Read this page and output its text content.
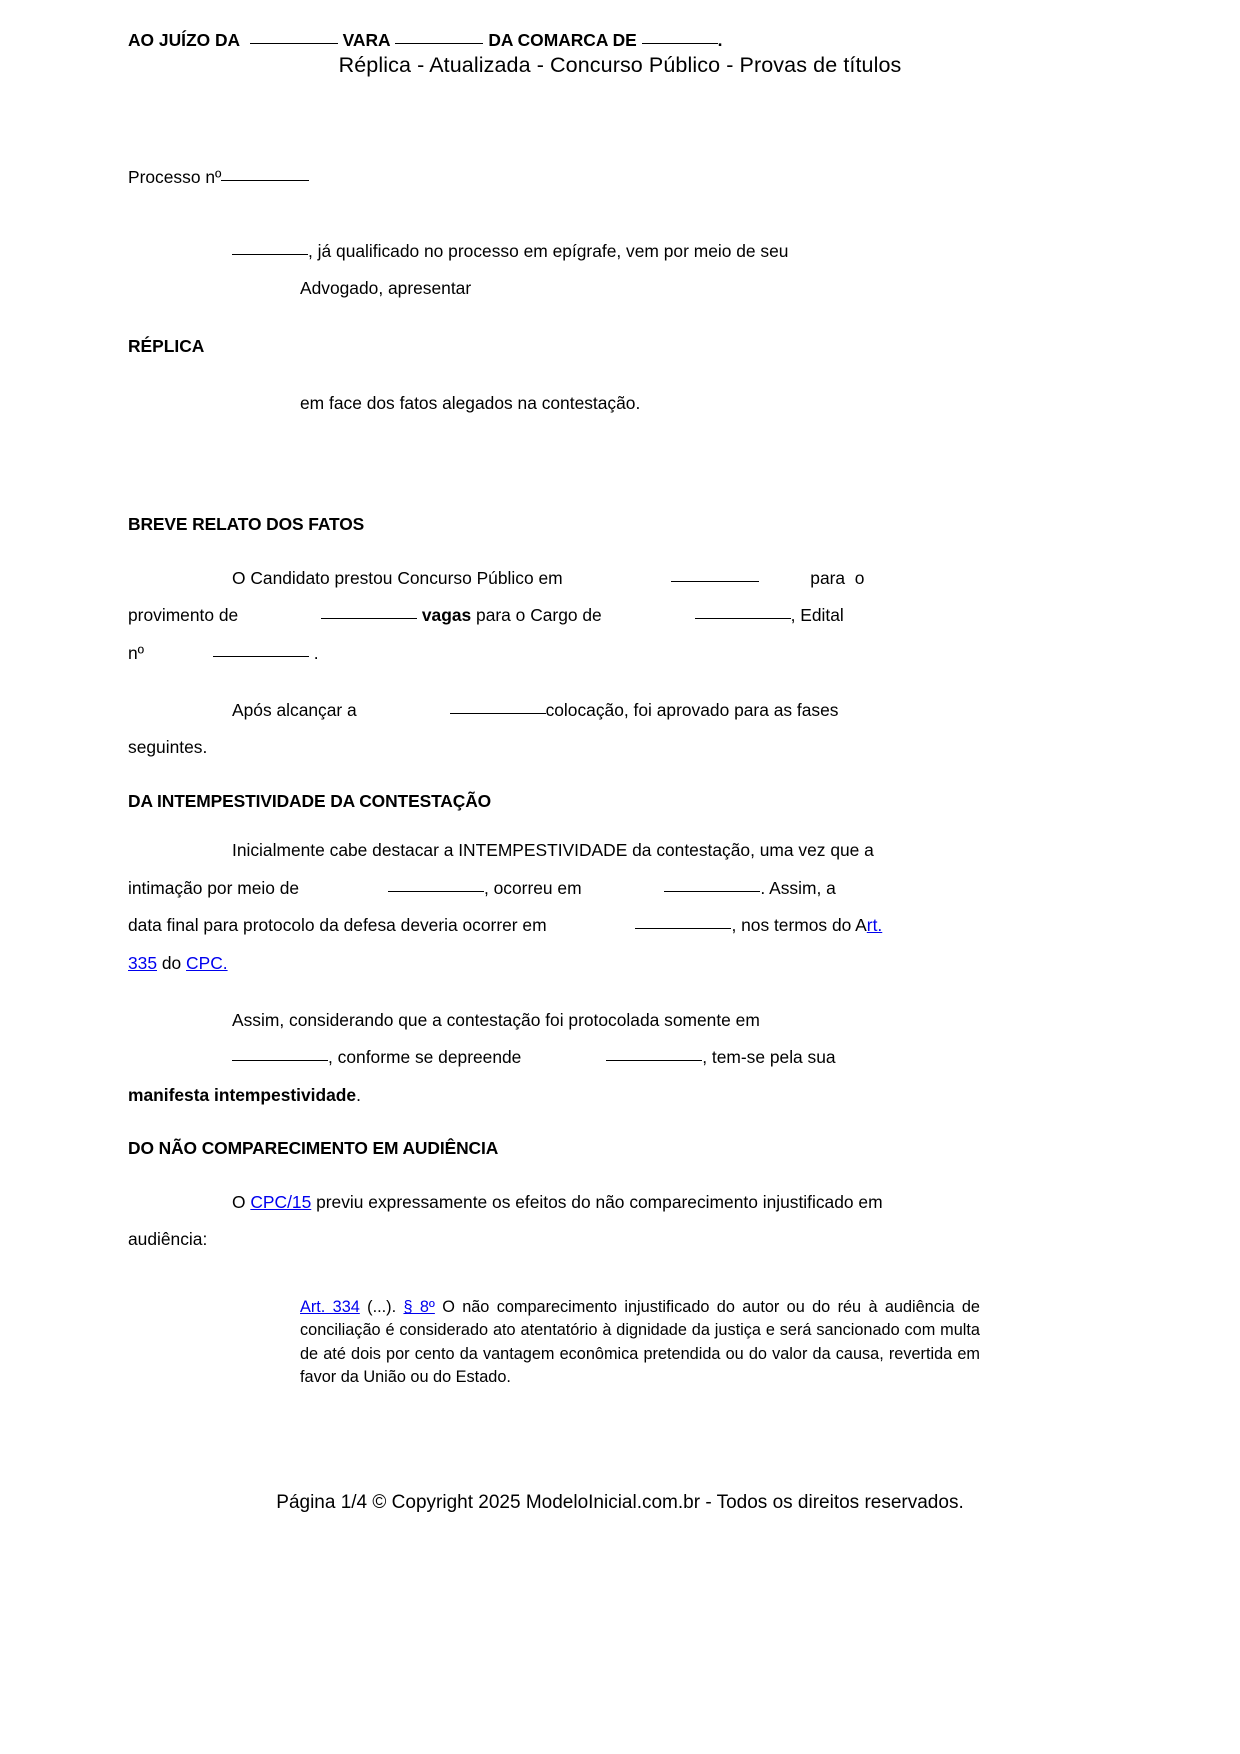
Réplica - Atualizada - Concurso Público - Provas de títulos

AO JUÍZO DA	VARA	DA COMARCA DE	.

Processo nº

, já qualificado no processo em epígrafe, vem por meio de seu

Advogado, apresentar

RÉPLICA

em face dos fatos alegados na contestação.

BREVE RELATO DOS FATOS

O Candidato prestou Concurso Público em	para  o

provimento de	vagas para o Cargo de	, Edital

nº	.

Após alcançar a	colocação, foi aprovado para as fases

seguintes.

DA INTEMPESTIVIDADE DA CONTESTAÇÃO

Inicialmente cabe destacar a INTEMPESTIVIDADE da contestação, uma vez que a

intimação por meio de	, ocorreu em	. Assim, a

data final para protocolo da defesa deveria ocorrer em	, nos termos do Art.

335 do CPC.

Assim, considerando que a contestação foi protocolada somente em

, conforme se depreende	, tem-se pela sua

manifesta intempestividade.

DO NÃO COMPARECIMENTO EM AUDIÊNCIA

O CPC/15 previu expressamente os efeitos do não comparecimento injustificado em

audiência:

Art. 334 (...). § 8º O não comparecimento injustificado do autor ou do réu à audiência de conciliação é considerado ato atentatório à dignidade da justiça e será sancionado com multa de até dois por cento da vantagem econômica pretendida ou do valor da causa, revertida em favor da União ou do Estado.
Página 1/4 © Copyright 2025 ModeloInicial.com.br - Todos os direitos reservados.
